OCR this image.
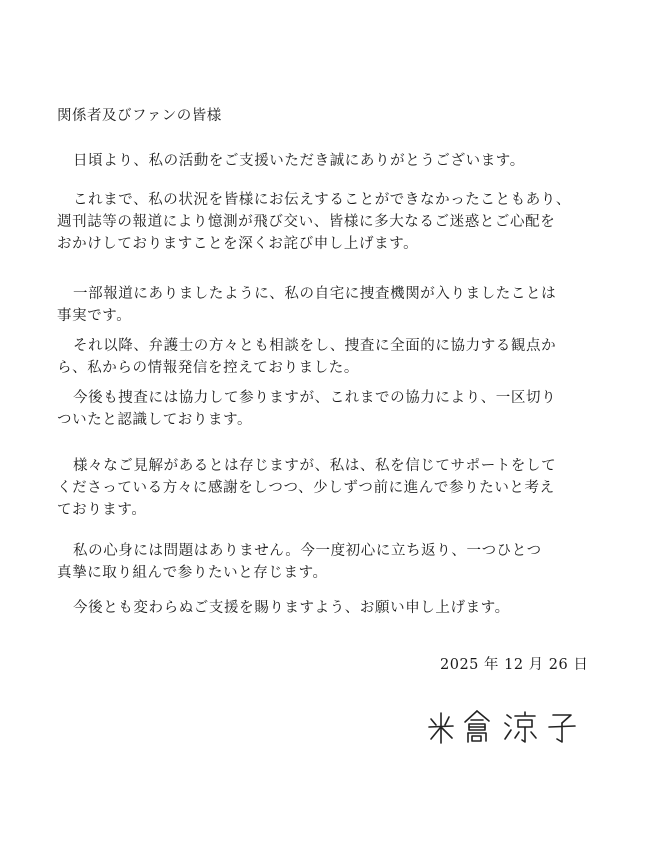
関係者及びファンの皆様
日頃より、私の活動をご支援いただき誠にありがとうございます。
これまで、私の状況を皆様にお伝えすることができなかったこともあり、
週刊誌等の報道により憶測が飛び交い、皆様に多大なるご迷惑とご心配を
おかけしておりますことを深くお詫び申し上げます。
一部報道にありましたように、私の自宅に捜査機関が入りましたことは
事実です。
それ以降、弁護士の方々とも相談をし、捜査に全面的に協力する観点か
ら、私からの情報発信を控えておりました。
今後も捜査には協力して参りますが、これまでの協力により、一区切り
ついたと認識しております。
様々なご見解があるとは存じますが、私は、私を信じてサポートをして
くださっている方々に感謝をしつつ、少しずつ前に進んで参りたいと考え
ております。
私の心身には問題はありません。今一度初心に立ち返り、一つひとつ
真摯に取り組んで参りたいと存じます。
今後とも変わらぬご支援を賜りますよう、お願い申し上げます。
2025 年 12 月 26 日
